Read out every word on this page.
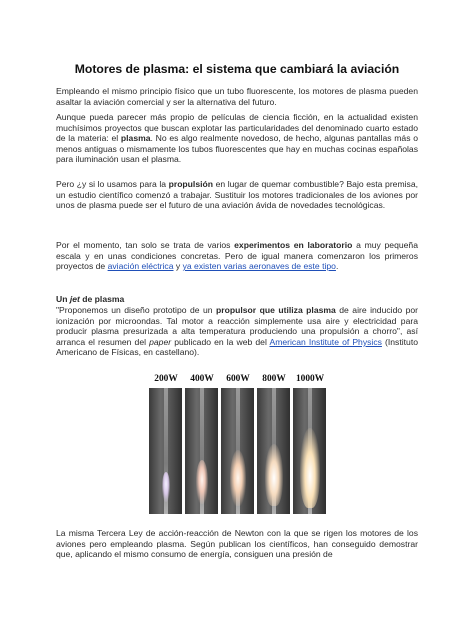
Motores de plasma: el sistema que cambiará la aviación

Empleando el mismo principio físico que un tubo fluorescente, los motores de plasma pueden asaltar la aviación comercial y ser la alternativa del futuro.

Aunque pueda parecer más propio de películas de ciencia ficción, en la actualidad existen muchísimos proyectos que buscan explotar las particularidades del denominado cuarto estado de la materia: el plasma. No es algo realmente novedoso, de hecho, algunas pantallas más o menos antiguas o mismamente los tubos fluorescentes que hay en muchas cocinas españolas para iluminación usan el plasma.

Pero ¿y si lo usamos para la propulsión en lugar de quemar combustible? Bajo esta premisa, un estudio científico comenzó a trabajar. Sustituir los motores tradicionales de los aviones por unos de plasma puede ser el futuro de una aviación ávida de novedades tecnológicas.

Por el momento, tan solo se trata de varios experimentos en laboratorio a muy pequeña escala y en unas condiciones concretas. Pero de igual manera comenzaron los primeros proyectos de aviación eléctrica y ya existen varias aeronaves de este tipo.

Un jet de plasma

"Proponemos un diseño prototipo de un propulsor que utiliza plasma de aire inducido por ionización por microondas. Tal motor a reacción simplemente usa aire y electricidad para producir plasma presurizada a alta temperatura produciendo una propulsión a chorro", así arranca el resumen del paper publicado en la web del American Institute of Physics (Instituto Americano de Físicas, en castellano).

200W	400W	600W	800W	1000W

La misma Tercera Ley de acción-reacción de Newton con la que se rigen los motores de los aviones pero empleando plasma. Según publican los científicos, han conseguido demostrar que, aplicando el mismo consumo de energía, consiguen una presión de
